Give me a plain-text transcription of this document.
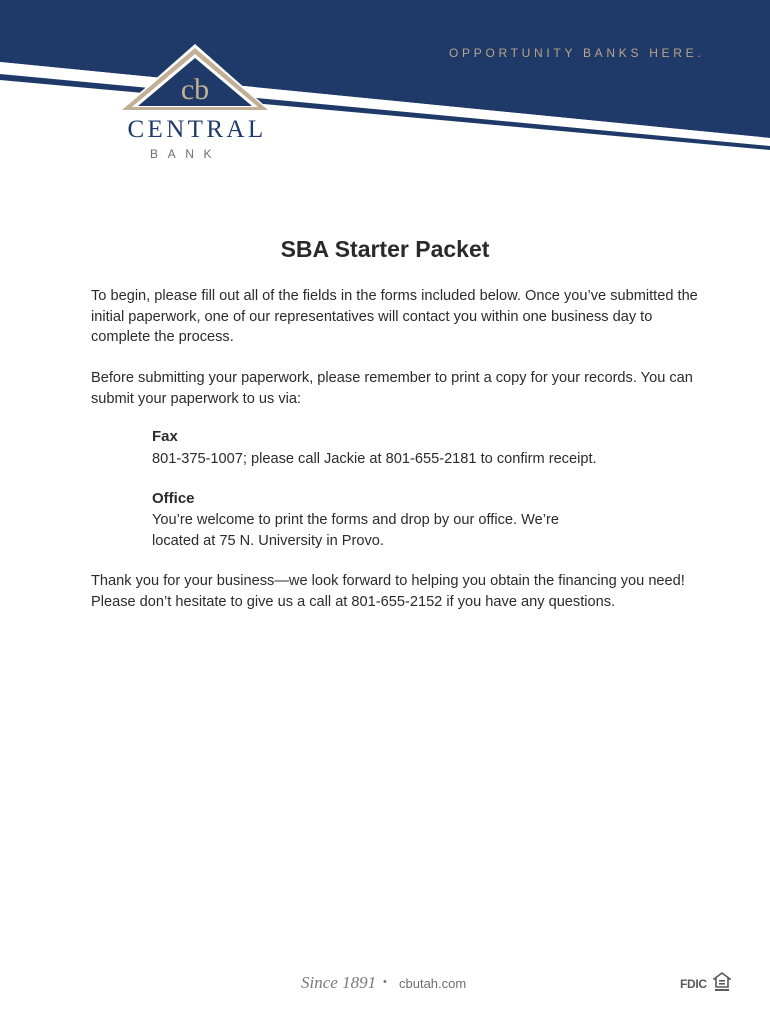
OPPORTUNITY BANKS HERE.
cb
CENTRAL
BANK
SBA Starter Packet

To begin, please fill out all of the fields in the forms included below. Once you’ve submitted the initial paperwork, one of our representatives will contact you within one business day to complete the process.

Before submitting your paperwork, please remember to print a copy for your records. You can submit your paperwork to us via:

Fax

801-375-1007; please call Jackie at 801-655-2181 to confirm receipt.

Office

You’re welcome to print the forms and drop by our office. We’re located at 75 N. University in Provo.

Thank you for your business—we look forward to helping you obtain the financing you need! Please don’t hesitate to give us a call at 801-655-2152 if you have any questions.

Since 1891 • cbutah.com	FDIC
